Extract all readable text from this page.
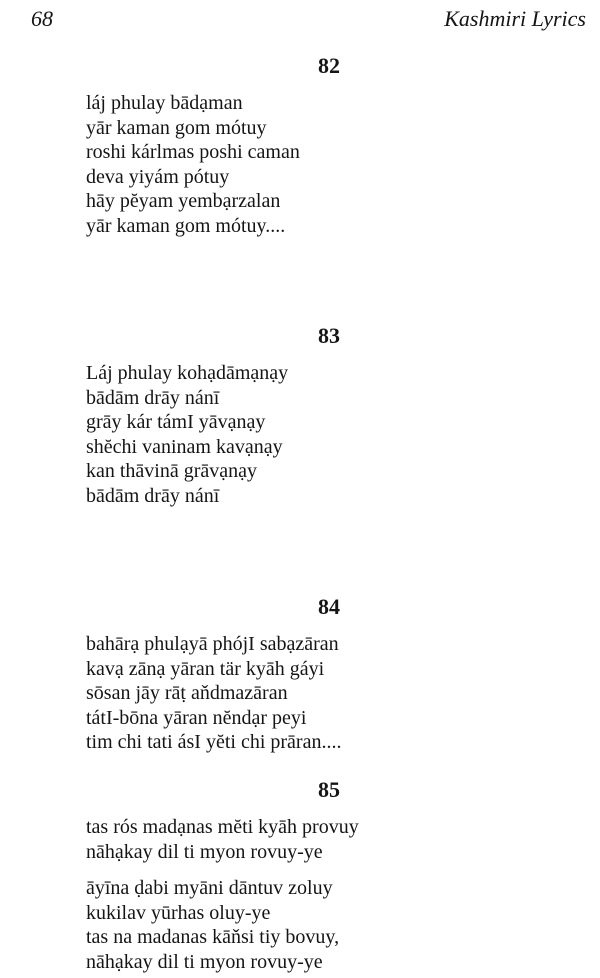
68	Kashmiri Lyrics
82
láj phulay bādạman
yār kaman gom mótuy
roshi kárlmas poshi caman
deva yiyám pótuy
hāy pĕyam yembạrzalan
yār kaman gom mótuy....
83
Láj phulay kohạdāmạnạy
bādām drāy nánī
grāy kár támI yāvạnạy
shĕchi vaninam kavạnạy
kan thāvinā grāvạnạy
bādām drāy nánī
84
bahārạ phulạyā phójI sabạzāran
kavạ zānạ yāran tär kyāh gáyi
sōsan jāy rāṭ aňdmazāran
tátI-bōna yāran nĕndạr peyi
tim chi tati ásI yĕti chi prāran....
85
tas rós madạnas mĕti kyāh provuy
nāhạkay dil ti myon rovuy-ye
āyīna ḍabi myāni dāntuv zoluy
kukilav yūrhas oluy-ye
tas na madanas kāňsi tiy bovuy,
nāhạkay dil ti myon rovuy-ye
